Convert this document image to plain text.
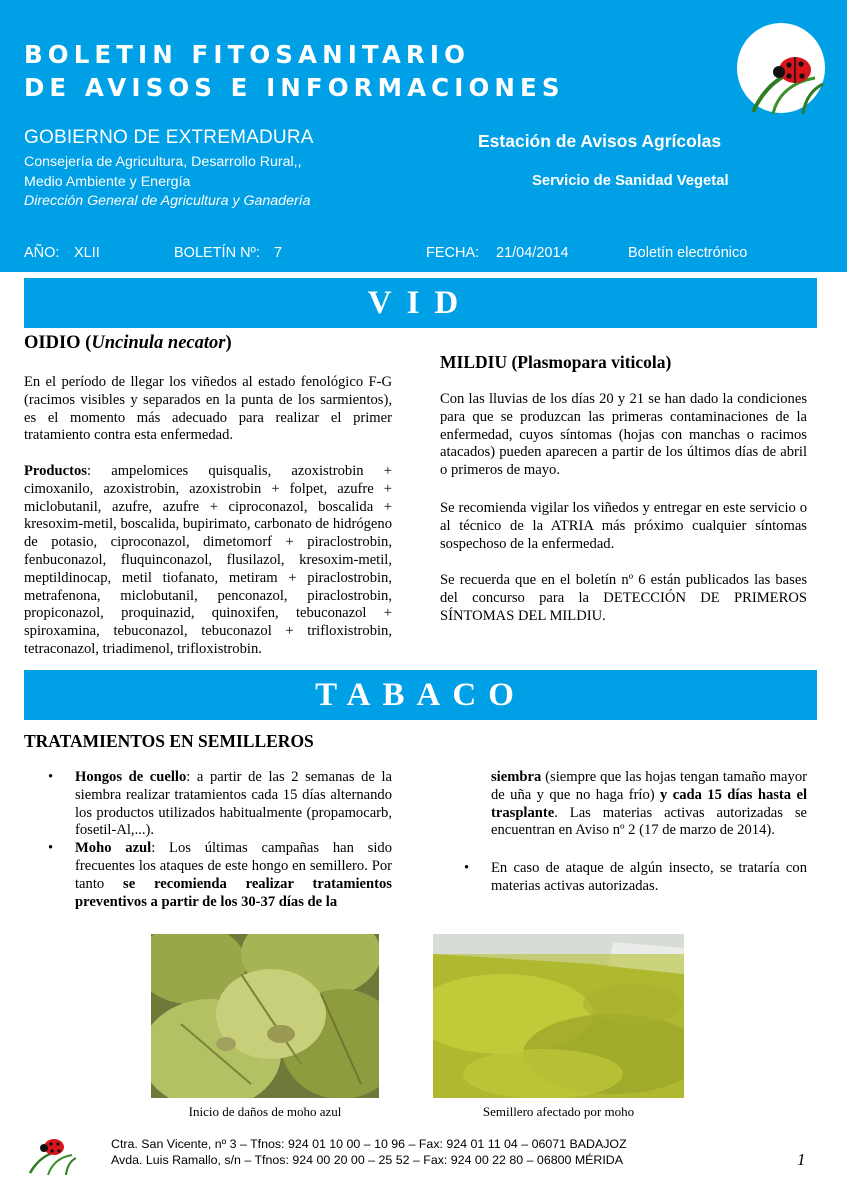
BOLETIN FITOSANITARIO
DE AVISOS E INFORMACIONES
GOBIERNO DE EXTREMADURA
Consejería de Agricultura, Desarrollo Rural,,
Medio Ambiente y Energía
Dirección General de Agricultura y Ganadería
Estación de Avisos Agrícolas
Servicio de Sanidad Vegetal
AÑO: XLII	BOLETÍN Nº: 7	FECHA: 21/04/2014	Boletín electrónico
VID
OIDIO (Uncinula necator)
En el período de llegar los viñedos al estado fenológico F-G (racimos visibles y separados en la punta de los sarmientos), es el momento más adecuado para realizar el primer tratamiento contra esta enfermedad.
Productos: ampelomices quisqualis, azoxistrobin + cimoxanilo, azoxistrobin, azoxistrobin + folpet, azufre + miclobutanil, azufre, azufre + ciproconazol, boscalida + kresoxim-metil, boscalida, bupirimato, carbonato de hidrógeno de potasio, ciproconazol, dimetomorf + piraclostrobin, fenbuconazol, fluquinconazol, flusilazol, kresoxim-metil, meptildinocap, metil tiofanato, metiram + piraclostrobin, metrafenona, miclobutanil, penconazol, piraclostrobin, propiconazol, proquinazid, quinoxifen, tebuconazol + spiroxamina, tebuconazol, tebuconazol + trifloxistrobin, tetraconazol, triadimenol, trifloxistrobin.
MILDIU (Plasmopara viticola)
Con las lluvias de los días 20 y 21 se han dado la condiciones para que se produzcan las primeras contaminaciones de la enfermedad, cuyos síntomas (hojas con manchas o racimos atacados) pueden aparecen a partir de los últimos días de abril o primeros de mayo.
Se recomienda vigilar los viñedos y entregar en este servicio o al técnico de la ATRIA más próximo cualquier síntomas sospechoso de la enfermedad.
Se recuerda que en el boletín nº 6 están publicados las bases del concurso para la DETECCIÓN DE PRIMEROS SÍNTOMAS DEL MILDIU.
TABACO
TRATAMIENTOS EN SEMILLEROS
• Hongos de cuello: a partir de las 2 semanas de la siembra realizar tratamientos cada 15 días alternando los productos utilizados habitualmente (propamocarb, fosetil-Al,...).
• Moho azul: Los últimas campañas han sido frecuentes los ataques de este hongo en semillero. Por tanto se recomienda realizar tratamientos preventivos a partir de los 30-37 días de la
siembra (siempre que las hojas tengan tamaño mayor de uña y que no haga frío) y cada 15 días hasta el trasplante. Las materias activas autorizadas se encuentran en Aviso nº 2 (17 de marzo de 2014).
• En caso de ataque de algún insecto, se trataría con materias activas autorizadas.
Inicio de daños de moho azul	Semillero afectado por moho
Ctra. San Vicente, nº 3 – Tfnos: 924 01 10 00 – 10 96 – Fax: 924 01 11 04 – 06071 BADAJOZ
Avda. Luis Ramallo, s/n – Tfnos: 924 00 20 00 – 25 52 – Fax: 924 00 22 80 – 06800 MÉRIDA	1
